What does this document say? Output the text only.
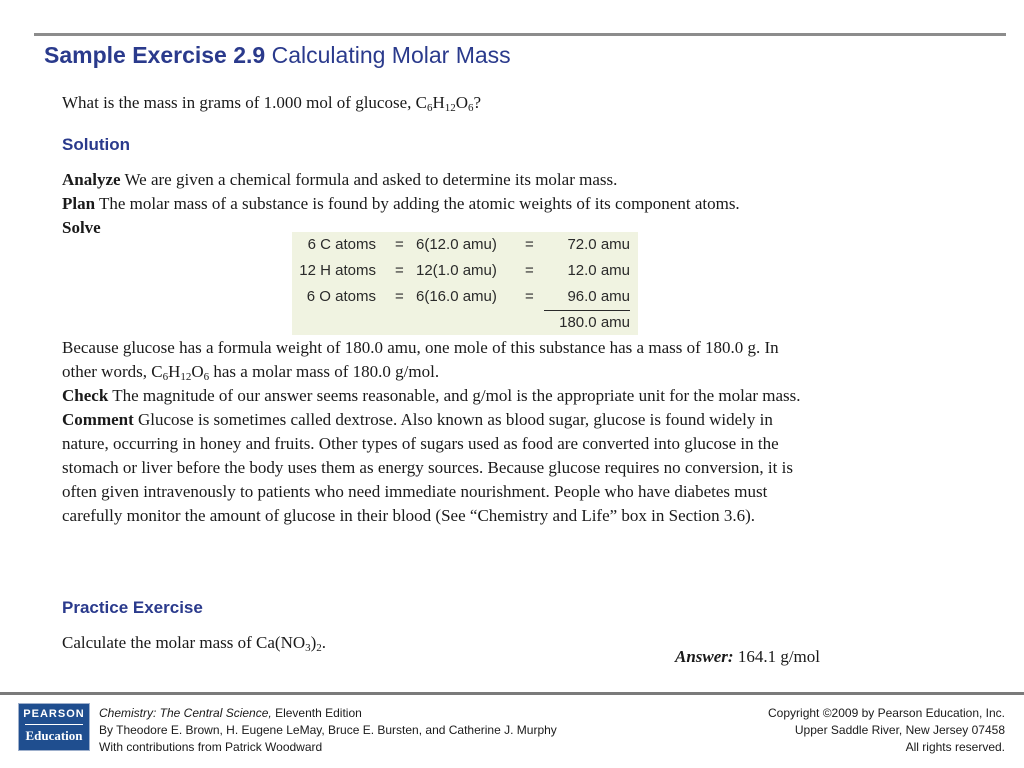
Sample Exercise 2.9 Calculating Molar Mass
What is the mass in grams of 1.000 mol of glucose, $C_6H_{12}O_6$?
Solution
Analyze We are given a chemical formula and asked to determine its molar mass.
Plan The molar mass of a substance is found by adding the atomic weights of its component atoms.
Solve
6 C atoms = 6(12.0 amu) = 72.0 amu
12 H atoms = 12(1.0 amu) = 12.0 amu
6 O atoms = 6(16.0 amu) = 96.0 amu
180.0 amu
Because glucose has a formula weight of 180.0 amu, one mole of this substance has a mass of 180.0 g. In
other words, $C_6H_{12}O_6$ has a molar mass of 180.0 g/mol.
Check The magnitude of our answer seems reasonable, and g/mol is the appropriate unit for the molar mass.
Comment Glucose is sometimes called dextrose. Also known as blood sugar, glucose is found widely in
nature, occurring in honey and fruits. Other types of sugars used as food are converted into glucose in the
stomach or liver before the body uses them as energy sources. Because glucose requires no conversion, it is
often given intravenously to patients who need immediate nourishment. People who have diabetes must
carefully monitor the amount of glucose in their blood (See “Chemistry and Life” box in Section 3.6).
Practice Exercise
Calculate the molar mass of $Ca(NO_3)_2$.
Answer: 164.1 g/mol
PEARSON
Education
Chemistry: The Central Science, Eleventh Edition
By Theodore E. Brown, H. Eugene LeMay, Bruce E. Bursten, and Catherine J. Murphy
With contributions from Patrick Woodward
Copyright ©2009 by Pearson Education, Inc.
Upper Saddle River, New Jersey 07458
All rights reserved.
